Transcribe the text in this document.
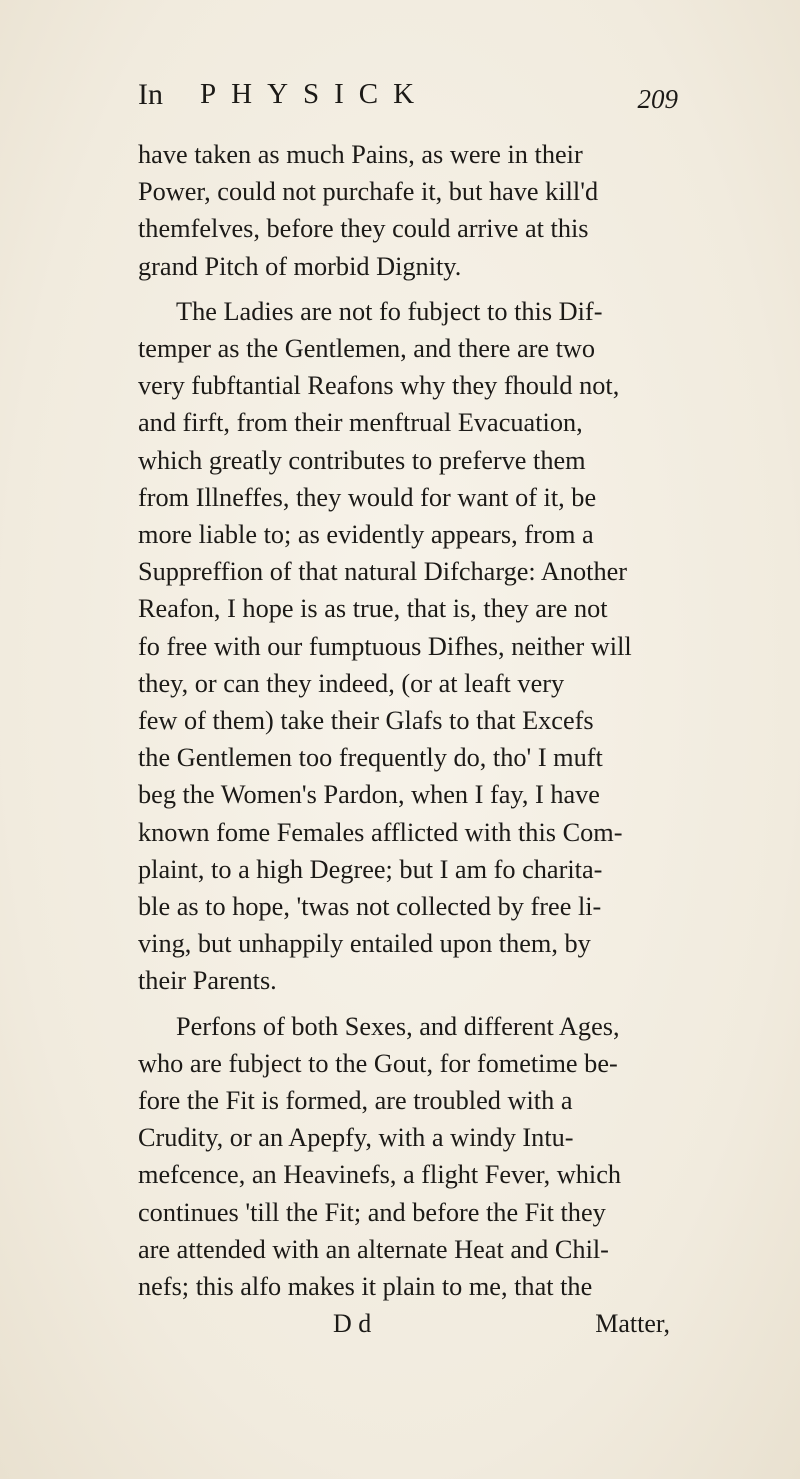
In PHYSICK	209

have taken as much Pains, as were in their
Power, could not purchafe it, but have kill'd
themfelves, before they could arrive at this
grand Pitch of morbid Dignity.

The Ladies are not fo fubject to this Dif-
temper as the Gentlemen, and there are two
very fubftantial Reafons why they fhould not,
and firft, from their menftrual Evacuation,
which greatly contributes to preferve them
from Illneffes, they would for want of it, be
more liable to; as evidently appears, from a
Suppreffion of that natural Difcharge: Another
Reafon, I hope is as true, that is, they are not
fo free with our fumptuous Difhes, neither will
they, or can they indeed, (or at leaft very
few of them) take their Glafs to that Excefs
the Gentlemen too frequently do, tho' I muft
beg the Women's Pardon, when I fay, I have
known fome Females afflicted with this Com-
plaint, to a high Degree; but I am fo charita-
ble as to hope, 'twas not collected by free li-
ving, but unhappily entailed upon them, by
their Parents.

Perfons of both Sexes, and different Ages,
who are fubject to the Gout, for fometime be-
fore the Fit is formed, are troubled with a
Crudity, or an Apepfy, with a windy Intu-
mefcence, an Heavinefs, a flight Fever, which
continues 'till the Fit; and before the Fit they
are attended with an alternate Heat and Chil-
nefs; this alfo makes it plain to me, that the

D d	Matter,
